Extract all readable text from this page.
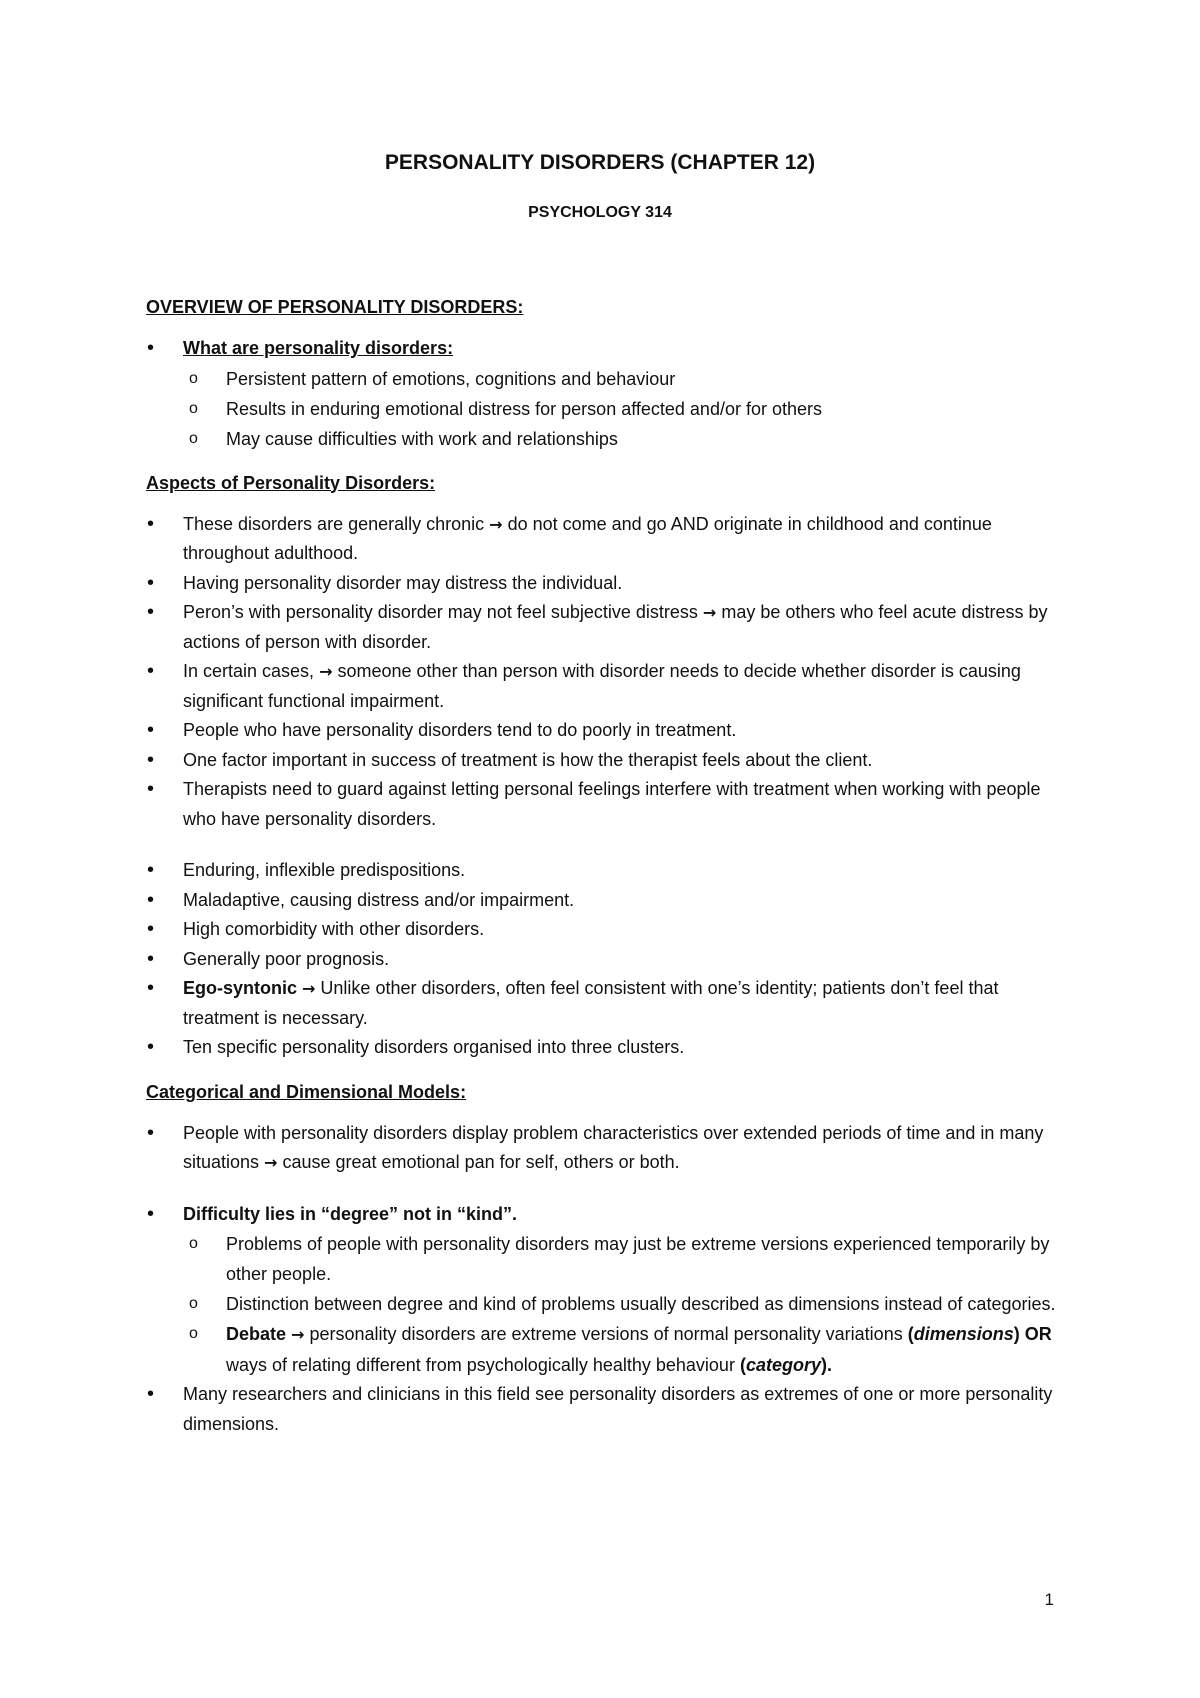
PERSONALITY DISORDERS (CHAPTER 12)
PSYCHOLOGY 314

OVERVIEW OF PERSONALITY DISORDERS:

• What are personality disorders:
o Persistent pattern of emotions, cognitions and behaviour
o Results in enduring emotional distress for person affected and/or for others
o May cause difficulties with work and relationships

Aspects of Personality Disorders:

• These disorders are generally chronic → do not come and go AND originate in childhood and continue throughout adulthood.
• Having personality disorder may distress the individual.
• Peron’s with personality disorder may not feel subjective distress → may be others who feel acute distress by actions of person with disorder.
• In certain cases, → someone other than person with disorder needs to decide whether disorder is causing significant functional impairment.
• People who have personality disorders tend to do poorly in treatment.
• One factor important in success of treatment is how the therapist feels about the client.
• Therapists need to guard against letting personal feelings interfere with treatment when working with people who have personality disorders.
• Enduring, inflexible predispositions.
• Maladaptive, causing distress and/or impairment.
• High comorbidity with other disorders.
• Generally poor prognosis.
• Ego-syntonic → Unlike other disorders, often feel consistent with one’s identity; patients don’t feel that treatment is necessary.
• Ten specific personality disorders organised into three clusters.

Categorical and Dimensional Models:

• People with personality disorders display problem characteristics over extended periods of time and in many situations → cause great emotional pan for self, others or both.
• Difficulty lies in “degree” not in “kind”.
o Problems of people with personality disorders may just be extreme versions experienced temporarily by other people.
o Distinction between degree and kind of problems usually described as dimensions instead of categories.
o Debate → personality disorders are extreme versions of normal personality variations (dimensions) OR ways of relating different from psychologically healthy behaviour (category).
• Many researchers and clinicians in this field see personality disorders as extremes of one or more personality dimensions.
1
